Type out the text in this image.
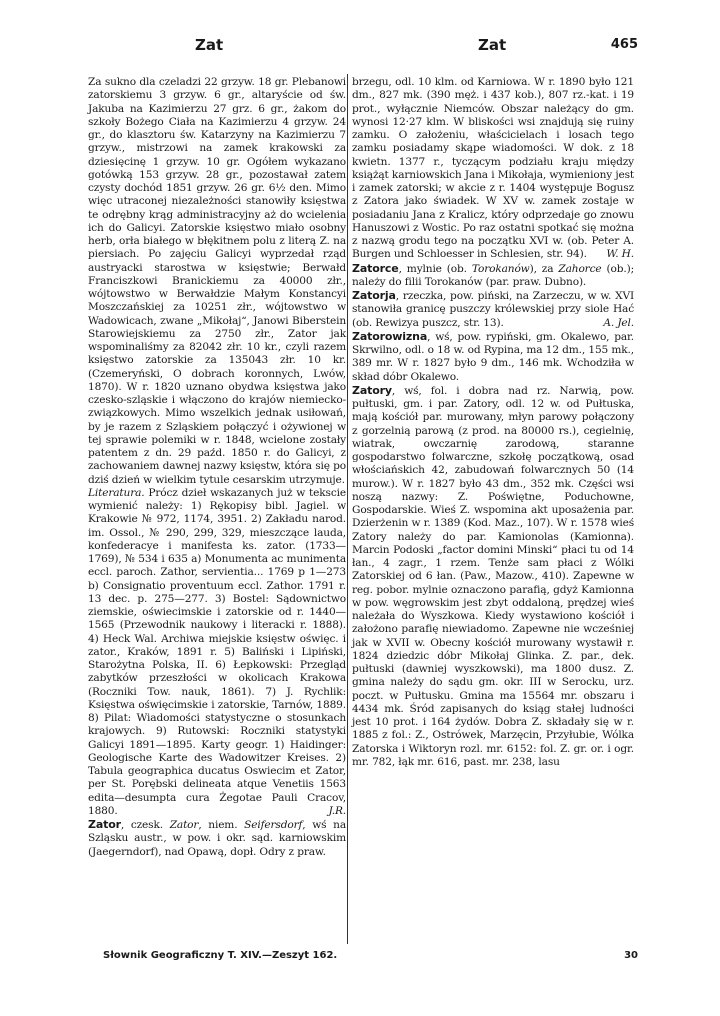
Zat	Zat	465

Za sukno dla czeladzi 22 grzyw. 18 gr. Plebanowi zatorskiemu 3 grzyw. 6 gr., altaryście od św. Jakuba na Kazimierzu 27 grz. 6 gr., żakom do szkoły Bożego Ciała na Kazimierzu 4 grzyw. 24 gr., do klasztoru św. Katarzyny na Kazimierzu 7 grzyw., mistrzowi na zamek krakowski za dziesięcinę 1 grzyw. 10 gr. Ogółem wykazano gotówką 153 grzyw. 28 gr., pozostawał zatem czysty dochód 1851 grzyw. 26 gr. 6½ den. Mimo więc utraconej niezależności stanowiły księstwa te odrębny krąg administracyjny aż do wcielenia ich do Galicyi. Zatorskie księstwo miało osobny herb, orła białego w błękitnem polu z literą Z. na piersiach. Po zajęciu Galicyi wyprzedał rząd austryacki starostwa w księstwie; Berwałd Franciszkowi Branickiemu za 40000 złr., wójtowstwo w Berwałdzie Małym Konstancyi Moszczańskiej za 10251 złr., wójtowstwo w Wadowicach, zwane „Mikołaj“, Janowi Biberstein Starowiejskiemu za 2750 złr., Zator jak wspominaliśmy za 82042 złr. 10 kr., czyli razem księstwo zatorskie za 135043 złr. 10 kr. (Czemeryński, O dobrach koronnych, Lwów, 1870). W r. 1820 uznano obydwa księstwa jako czesko-szląskie i włączono do krajów niemiecko-związkowych. Mimo wszelkich jednak usiłowań, by je razem z Szląskiem połączyć i ożywionej w tej sprawie polemiki w r. 1848, wcielone zostały patentem z dn. 29 paźd. 1850 r. do Galicyi, z zachowaniem dawnej nazwy księstw, która się po dziś dzień w wielkim tytule cesarskim utrzymuje.

Literatura. Prócz dzieł wskazanych już w tekscie wymienić należy: 1) Rękopisy bibl. Jagiel. w Krakowie № 972, 1174, 3951. 2) Zakładu narod. im. Ossol., № 290, 299, 329, mieszczące lauda, konfederacye i manifesta ks. zator. (1733—1769), № 534 i 635 a) Monumenta ac munimenta eccl. paroch. Zathor, servientia... 1769 p 1—273 b) Consignatio proventuum eccl. Zathor. 1791 r. 13 dec. p. 275—277. 3) Bostel: Sądownictwo ziemskie, oświecimskie i zatorskie od r. 1440—1565 (Przewodnik naukowy i literacki r. 1888). 4) Heck Wal. Archiwa miejskie księstw oświęc. i zator., Kraków, 1891 r. 5) Baliński i Lipiński, Starożytna Polska, II. 6) Łepkowski: Przegląd zabytków przeszłości w okolicach Krakowa (Roczniki Tow. nauk, 1861). 7) J. Rychlik: Księstwa oświęcimskie i zatorskie, Tarnów, 1889. 8) Pilat: Wiadomości statystyczne o stosunkach krajowych. 9) Rutowski: Roczniki statystyki Galicyi 1891—1895. Karty geogr. 1) Haidinger: Geologische Karte des Wadowitzer Kreises. 2) Tabula geographica ducatus Oswiecim et Zator, per St. Porębski delineata atque Venetiis 1563 edita—desumpta cura Żegotae Pauli Cracov, 1880.	J.R.

Zator, czesk. Zator, niem. Seifersdorf, wś na Szląsku austr., w pow. i okr. sąd. karniowskim (Jaegerndorf), nad Opawą, dopł. Odry z praw.

brzegu, odl. 10 klm. od Karniowa. W r. 1890 było 121 dm., 827 mk. (390 męż. i 437 kob.), 807 rz.-kat. i 19 prot., wyłącznie Niemców. Obszar należący do gm. wynosi 12·27 klm. W bliskości wsi znajdują się ruiny zamku. O założeniu, właścicielach i losach tego zamku posiadamy skąpe wiadomości. W dok. z 18 kwietn. 1377 r., tyczącym podziału kraju między książąt karniowskich Jana i Mikołaja, wymieniony jest i zamek zatorski; w akcie z r. 1404 występuje Bogusz z Zatora jako świadek. W XV w. zamek zostaje w posiadaniu Jana z Kralicz, który odprzedaje go znowu Hanuszowi z Wostic. Po raz ostatni spotkać się można z nazwą grodu tego na początku XVI w. (ob. Peter A. Burgen und Schloesser in Schlesien, str. 94). W. H.

Zatorce, mylnie (ob. Torokanów), za Zahorce (ob.); należy do filii Torokanów (par. praw. Dubno).

Zatorja, rzeczka, pow. piński, na Zarzeczu, w w. XVI stanowiła granicę puszczy królewskiej przy siole Hać (ob. Rewizya puszcz, str. 13).	A. Jel.

Zatorowizna, wś, pow. rypiński, gm. Okalewo, par. Skrwilno, odl. o 18 w. od Rypina, ma 12 dm., 155 mk., 389 mr. W r. 1827 było 9 dm., 146 mk. Wchodziła w skład dóbr Okalewo.

Zatory, wś, fol. i dobra nad rz. Narwią, pow. pułtuski, gm. i par. Zatory, odl. 12 w. od Pułtuska, mają kościół par. murowany, młyn parowy połączony z gorzelnią parową (z prod. na 80000 rs.), cegielnię, wiatrak, owczarnię zarodową, staranne gospodarstwo folwarczne, szkołę początkową, osad włościańskich 42, zabudowań folwarcznych 50 (14 murow.). W r. 1827 było 43 dm., 352 mk. Części wsi noszą nazwy: Z. Poświętne, Poduchowne, Gospodarskie. Wieś Z. wspomina akt uposażenia par. Dzierżenin w r. 1389 (Kod. Maz., 107). W r. 1578 wieś Zatory należy do par. Kamionolas (Kamionna). Marcin Podoski „factor domini Minski“ płaci tu od 14 łan., 4 zagr., 1 rzem. Tenże sam płaci z Wólki Zatorskiej od 6 łan. (Paw., Mazow., 410). Zapewne w reg. pobor. mylnie oznaczono parafią, gdyż Kamionna w pow. węgrowskim jest zbyt oddaloną, prędzej wieś należała do Wyszkowa. Kiedy wystawiono kościół i założono parafię niewiadomo. Zapewne nie wcześniej jak w XVII w. Obecny kościół murowany wystawił r. 1824 dziedzic dóbr Mikołaj Glinka. Z. par., dek. pułtuski (dawniej wyszkowski), ma 1800 dusz. Z. gmina należy do sądu gm. okr. III w Serocku, urz. poczt. w Pułtusku. Gmina ma 15564 mr. obszaru i 4434 mk. Śród zapisanych do ksiąg stałej ludności jest 10 prot. i 164 żydów. Dobra Z. składały się w r. 1885 z fol.: Z., Ostrówek, Marzęcin, Przyłubie, Wólka Zatorska i Wiktoryn rozl. mr. 6152: fol. Z. gr. or. i ogr. mr. 782, łąk mr. 616, past. mr. 238, lasu

Słownik Geograficzny T. XIV.—Zeszyt 162.	30
